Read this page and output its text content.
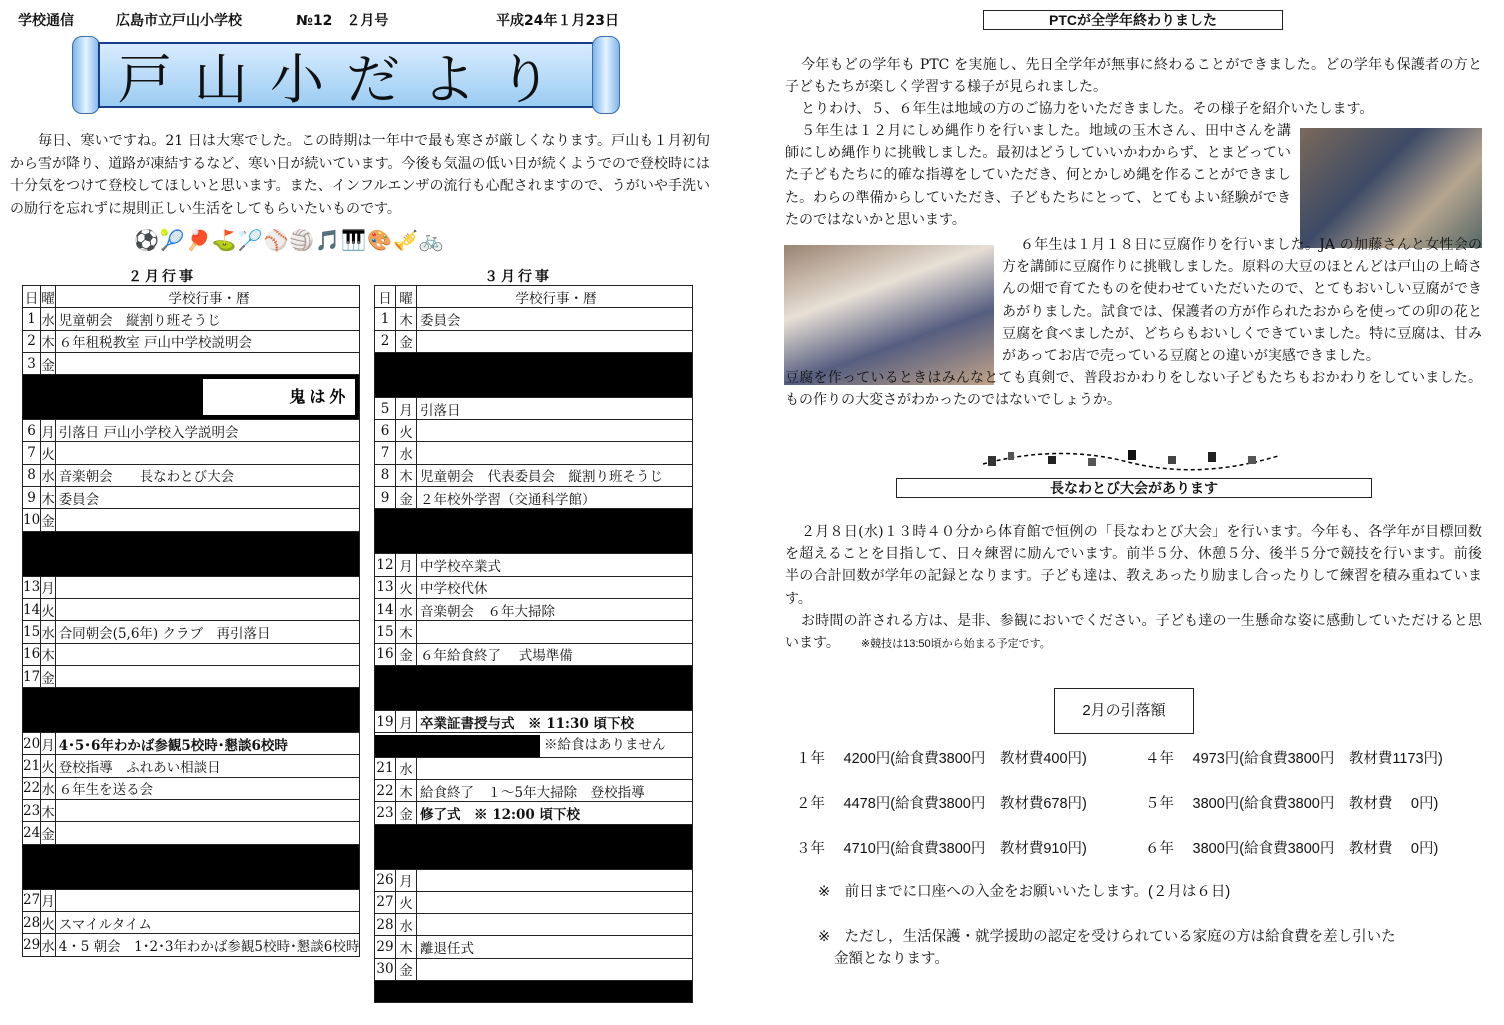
学校通信	広島市立戸山小学校	№12　２月号	平成24年１月23日
戸山小だより
毎日、寒いですね。21 日は大寒でした。この時期は一年中で最も寒さが厳しくなります。戸山も１月初旬から雪が降り、道路が凍結するなど、寒い日が続いています。今後も気温の低い日が続くようでので登校時には十分気をつけて登校してほしいと思います。また、インフルエンザの流行も心配されますので、うがいや手洗いの励行を忘れずに規則正しい生活をしてもらいたいものです。
⚽🎾🏓⛳🏸⚾🏐🎵🎹🎨🎺🚲
２月行事
日	曜	学校行事・暦
1	水	児童朝会　縦割り班そうじ
2	木	６年租税教室 戸山中学校説明会
3	金	

鬼は外		

6	月	引落日 戸山小学校入学説明会
7	火	
8	水	音楽朝会　　長なわとび大会
9	木	委員会
10	金	

13	月	
14	火	
15	水	合同朝会(5,6年) クラブ　再引落日
16	木	
17	金	

20	月	4･5･6年わかば参観5校時･懇談6校時
21	火	登校指導　ふれあい相談日
22	水	６年生を送る会
23	木	
24	金	

27	月	
28	火	スマイルタイム
29	水	4・5 朝会　1･2･3年わかば参観5校時･懇談6校時
３月行事
日	曜	学校行事・暦
1	木	委員会
2	金	

5	月	引落日
6	火	
7	水	
8	木	児童朝会　代表委員会　縦割り班そうじ
9	金	２年校外学習（交通科学館）

12	月	中学校卒業式
13	火	中学校代休
14	水	音楽朝会　６年大掃除
15	木	
16	金	６年給食終了　 式場準備

19	月	卒業証書授与式　※ 11:30 頃下校
※給食はありません		
21	水	
22	木	給食終了　１～5年大掃除　登校指導
23	金	修了式　※ 12:00 頃下校

26	月	
27	火	
28	水	
29	木	離退任式
30	金	

PTCが全学年終わりました
今年もどの学年も PTC を実施し、先日全学年が無事に終わることができました。どの学年も保護者の方と子どもたちが楽しく学習する様子が見られました。
とりわけ、５、６年生は地域の方のご協力をいただきました。その様子を紹介いたします。
５年生は１２月にしめ縄作りを行いました。地域の玉木さん、田中さんを講師にしめ縄作りに挑戦しました。最初はどうしていいかわからず、とまどっていた子どもたちに的確な指導をしていただき、何とかしめ縄を作ることができました。わらの準備からしていただき、子どもたちにとって、とてもよい経験ができたのではないかと思います。
６年生は１月１８日に豆腐作りを行いました。JA の加藤さんと女性会の方を講師に豆腐作りに挑戦しました。原料の大豆のほとんどは戸山の上崎さんの畑で育てたものを使わせていただいたので、とてもおいしい豆腐ができあがりました。試食では、保護者の方が作られたおからを使っての卯の花と豆腐を食べましたが、どちらもおいしくできていました。特に豆腐は、甘みがあってお店で売っている豆腐との違いが実感できました。
豆腐を作っているときはみんなとても真剣で、普段おかわりをしない子どもたちもおかわりをしていました。もの作りの大変さがわかったのではないでしょうか。
長なわとび大会があります
２月８日(水)１３時４０分から体育館で恒例の「長なわとび大会」を行います。今年も、各学年が目標回数を超えることを目指して、日々練習に励んでいます。前半５分、休憩５分、後半５分で競技を行います。前後半の合計回数が学年の記録となります。子ども達は、教えあったり励まし合ったりして練習を積み重ねています。
お時間の許される方は、是非、参観においでください。子ども達の一生懸命な姿に感動していただけると思います。　　	※競技は13:50頃から始まる予定です。
2月の引落額
１年　 4200円(給食費3800円　教材費400円)	４年　 4973円(給食費3800円　教材費1173円)
２年　 4478円(給食費3800円　教材費678円)	５年　 3800円(給食費3800円　教材費　 0円)
３年　 4710円(給食費3800円　教材費910円)	６年　 3800円(給食費3800円　教材費　 0円)
※　前日までに口座への入金をお願いいたします。(２月は６日)
※　ただし，生活保護・就学援助の認定を受けられている家庭の方は給食費を差し引いた
金額となります。
